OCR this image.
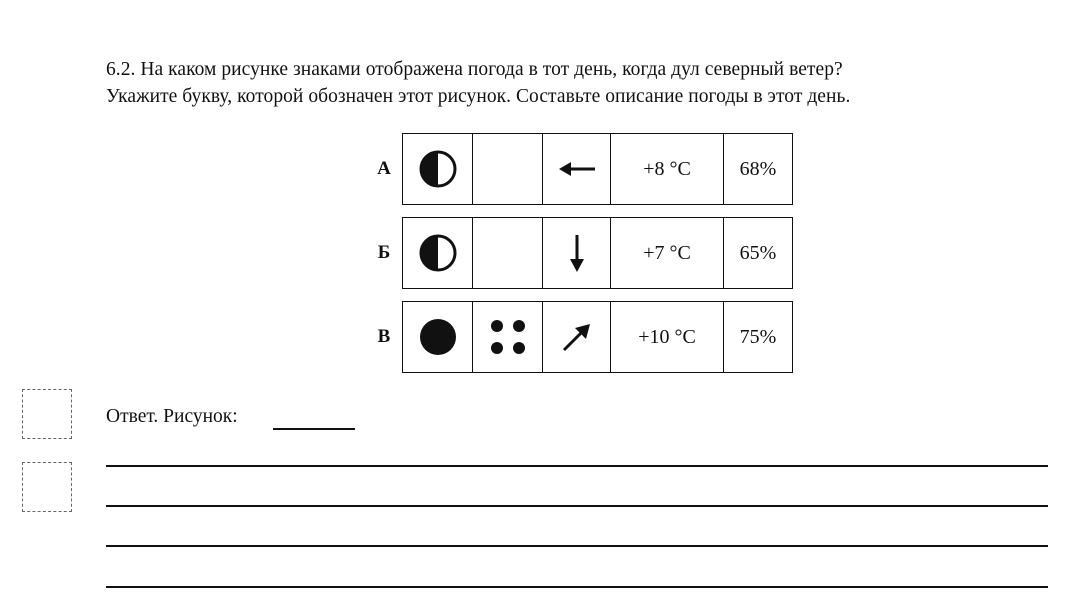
6.2. На каком рисунке знаками отображена погода в тот день, когда дул северный ветер?

Укажите букву, которой обозначен этот рисунок. Составьте описание погоды в этот день.

А	+8 °C	68%
Б	+7 °C	65%
В	+10 °C	75%
Ответ. Рисунок:
